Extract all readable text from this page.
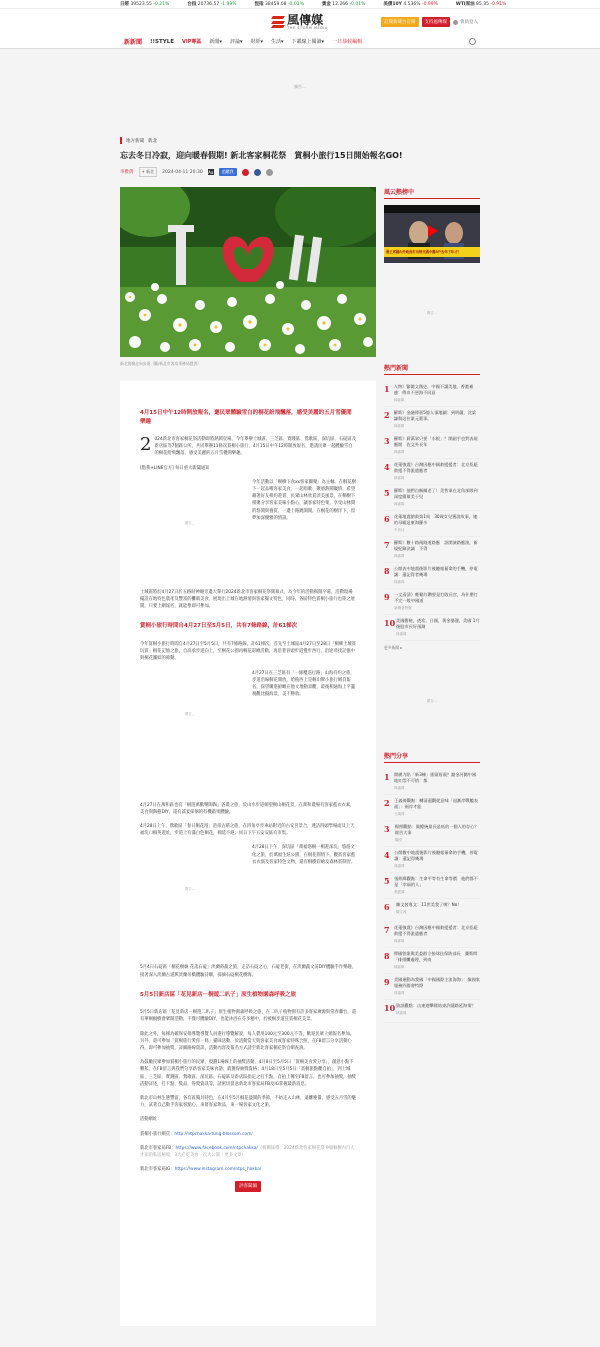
日經 39523.55 -0.21%	台指 20736.57 -1.99%	恆指 38459.08 -0.01%	黃金 12.266 -0.01%	美債10Y 4.536% -0.99%	WTI原油 85.35 -0.91%
風傳媒
THE STORM MEDIA
訂閱新聞台訂閱	支持風傳媒	會員登入
新新聞 !!STYLE VIP專區 新聞▾ 評論▾ 財經▾ 生活▾ 下載線上閱讀▾ 一日恭候編輯
廣告 …
地方新聞 新北
忘去冬日冷寂，迎向暖春假期! 新北客家桐花祭　賞桐小旅行15日開始報名GO!
李雅倩	+ 新北	2024-04-11 20:30 Aa	追蹤我
新北賞桐走向步道（圖/新北市客家事務局提供）
4月15日中午12時開放報名，邀民眾體驗雪白的桐花紛飛飄落，感受美麗的五月雪優閒樂趣

2 024新北市客家桐花祭活動即將熱鬧登場，今年舉辦土城區、三芝區、實踐區、鶯歌區、深坑區、石碇區及新店區等7個區公所，共同舉辦11條次賞桐小旅行，4月15日中午12時開放報名，邀請民眾一起體驗雪白的桐花紛飛飄落，感受美麗的五月雪優閒樂趣。

[點我+LINE官方] 每日重大新聞通知

廣告 …

今年活動以「桐樹下食xx客家團聚」為主軸，在桐花樹下一起品嚐客家美食，一起唱歌、聚感熱鬧聚情，希望藉著好友相約遊賞，民眾山林欣賞淡美風景，在桐樹下相聚分享客家美味小點心，讓客家特色菜，享受山林間的悠閒與養賞，一邊上路跳開開，在桐花的樹洋下，留夢加深優雅的情誼。

土城區將於4月27日於五路財神廟旁邊大舉行2024新北市客家桐花祭開幕式，為今年的活動揭開序幕，活動現場擺設在地特色農產及豐富的攤販美食，展現出土城在地熱情與客家獨文特色，同時，各區特色賞桐小旅行也陸之展開，只要上網報名，就能參即可參加。

賞桐小旅行時間自4月27日至5月5日，共有7條路線，計61梯次

今年賞桐小旅行時間自4月27日至5月5日，共有7條路線，計61梯次，首先至土城區4月27日至28日「桐鄉土城賞玩賞」桐花記憶之旅，自高承步道向上，至桐花公園再桐花彩繪活動，再沿著晉頭步道慢步西行，沿途尋找記憶中與桐花團結的節動。

廣告 …

4月27日在三芝區有「一條櫻巡行路」山海有約之旅，步道沿線桐花開放，給植西上是桐山牌小旅行網頁報名，探望購進俯瞰在他文地動景觀，最後相通海上平靈視觀比擬海景，美不勝收。

4月27日在萬和區也有「桐遊萬歡樂陶陶」各農之旅，於山水步道網望桐山桐花景，在萬和農場有客家藍衣衣素，美食與陶藝DIY，還有謠宴採摘的有機蔬果體驗。

4月28日上午，鶯歌區「春日桐花漫」逍尋古蹟之旅，在四角亭步車站附近的古安宮景合，透訪四頭學場面及上天福坑口桐英遊址，步道上有滿白色桐花，棉延不絕；同日下午五安安區有市集。

廣告 …

4月28日下午，深坑區「萬福悠桐一桐遊深坑」悠游文化之旅，於萬福生炫公園，在桐花園情下，觀賞客家藍衣衣演及客家特色文物，還有桐樹彩繪及森林賞制習。

5月4日石碇區「桐花樹廟 花落石碇」淡蘭蒔蔬之旅，走訪石碇之心，石碇老街，在淡蘭蔬文前DIY體驗手作樂趣，接著深入淡蘭古道與淡蘭吊橋體驗詩願，採摘石碇桐花樹海。

5月5日新店區「花見新店－桐遊二叭子」原生植物園森呼吸之旅

5月5日新店區「花見新店－桐遊二叭子」原生植物園森呼吸之旅，在二叭子植物園有許多客家廣源與常春藤台，還有華桐桐樹會眾開活動，不僅可體驗DIY，也能沐浴在芬多精中，於被桐步道狂賞桐花美景。

除此之外，每梯為確保安排導覽導覽人員進行導覽解說，每人費用100元至300元不等，歡迎民眾上網報名參加。另外，還可參加「賞桐旅行愛你一條」貓咪活動，於活動當天與客家美食或客家特殊合照，在FB留言分享活動心得，即可參加抽獎，詳細路線資訊，活動內容及報名方式請至新北客家桐花祭官網查詢。

為鼓勵民眾參加賞桐小旅行的民眾，規劃1場線上的抽獎活動，4月8日至5月5日「賞桐美食愛分享」，創意小點不難私，在FB留言與我們分享新客家美味食譜；就獲得抽獎資格；4月18日至5月5日「賞桐旅點觀自拍」，到土城區、三芝區、實踐區、鶯歌區、深坑區、石碇區及新店區指定之打卡點，自拍上傳至FB留言，也可參加抽獎，抽獎活動詳述，打卡點，獎品，得獎資訊等，請密切留意新北市客家局FB及IG掌握最新消息。

新北市山林生態豐富，各有區獨具特色，在4月至5月桐花盛開的季節，不妨走入山林，遠離塵囂，感受五月雪的魅力，試著自己動手客家客點心，來嘗客家飲品，來一場客家文化之旅。

活動網址：

賞桐小旅行網頁：http://ntpchakka-tung-blossom.com/

新北市客家局FB：https://www.facebook.com/ntpchakka/（相關報導：2024新北客家桐花祭 9個桐樹內行人才知的私房秘境，3大必吃美食一次大公開｜更多文章）

新北市客家局IG：https://www.instagram.com/ntpc_hakka/

評客聞韻
風云熱榜中
賣主席國內外政府打出特日國中獨3戶去年下年才？
廣告 …
熱門新聞
1 人物》緊隨文創史，中國不讓美地、香港補連：傳奇不惡海不同意
林嘉瑋
2 羅斯》金融傳嘉5億人事地圖：到明嚴，沈梁謙與這位業元董事。
林嘉瑋
3 羅斯》蔣萬眾只要「水根」？開副手也對表現應開　佐文外長年
林嘉瑋
4 花蓮強震》台灣因應中國救援援者：北京拒絕救援不得派遣應者
林嘉瑋
5 羅斯》他們自稱關老了！美售軍在北角部隊到　深度簡報美于兒
林嘉瑋
6 花蓮地震搶救第1周　30歲女兒獲說故事，她的母親是東海羅多
中央社
7 羅斯》數十路兩路道路應　訊開演路應演，新規紀錄決議　不得
林嘉瑋
8 公開表中地震後影片被聽報量命的手機，停電讓：還記得者幾場
林嘉瑋
9 一文看清》輕鬆紅鑽要是打敗長官，為什麼打不完一般中國道
新聞是特報
10 美國擔秘，透希，日國，黃金暴漲，美國 1月後股市長好預測
林嘉瑋
更多新聞 ▸
廣告 …
熱門分享
1 開備力陷「新3棟」搖頭眉頭？謝金河隨中國地紅悶不可惜：都
林嘉瑋
2 王義倚觀點：轉清還觀從意味「退漸岸戰艦表面」：兩岸才能
王義倚
3 楊照觀點：做總統最長是低的一個人的存心？報告大事
楊照
4 公開數中地震後影片被聽報量命的手機，停電讓：還記得幾場
林嘉瑋
5 張經緯觀點：生命平等有生命等價　他們都不是「幸福的人」
張經緯
6	陳文茜專文：11世美我了嗎？No！
陳文茜
7 花蓮強震》台灣因應中國救援援者：北京拒絕救援不得派遣應者
林嘉瑋
8 傳國營業與美委群立接球住保防部長　賽斯問「排排攤處理，到南
林嘉瑋
9 美國運動為我國「中國國際主流海海」：像國家服務四群會特際
林嘉瑋
10 資訊觀點：山東遊擊隊結束許隱路延海情？
林嘉瑋
